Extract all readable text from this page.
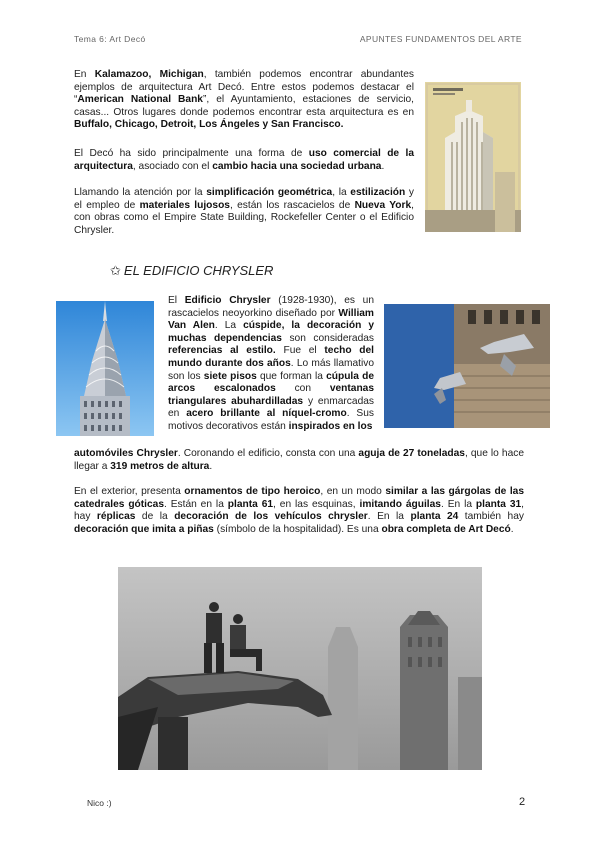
Tema 6: Art Decó	APUNTES FUNDAMENTOS DEL ARTE
En Kalamazoo, Michigan, también podemos encontrar abundantes ejemplos de arquitectura Art Decó. Entre estos podemos destacar el “American National Bank”, el Ayuntamiento, estaciones de servicio, casas... Otros lugares donde podemos encontrar esta arquitectura es en Buffalo, Chicago, Detroit, Los Ángeles y San Francisco.
El Decó ha sido principalmente una forma de uso comercial de la arquitectura, asociado con el cambio hacia una sociedad urbana.
Llamando la atención por la simplificación geométrica, la estilización y el empleo de materiales lujosos, están los rascacielos de Nueva York, con obras como el Empire State Building, Rockefeller Center o el Edificio Chrysler.
✩ EL EDIFICIO CHRYSLER
El Edificio Chrysler (1928-1930), es un rascacielos neoyorkino diseñado por William Van Alen. La cúspide, la decoración y muchas dependencias son consideradas referencias al estilo. Fue el techo del mundo durante dos años. Lo más llamativo son los siete pisos que forman la cúpula de arcos escalonados con ventanas triangulares abuhardilladas y enmarcadas en acero brillante al níquel-cromo. Sus motivos decorativos están inspirados en los
automóviles Chrysler. Coronando el edificio, consta con una aguja de 27 toneladas, que lo hace llegar a 319 metros de altura.
En el exterior, presenta ornamentos de tipo heroico, en un modo similar a las gárgolas de las catedrales góticas. Están en la planta 61, en las esquinas, imitando águilas. En la planta 31, hay réplicas de la decoración de los vehículos chrysler. En la planta 24 también hay decoración que imita a piñas (símbolo de la hospitalidad). Es una obra completa de Art Decó.
Nico :)	2
